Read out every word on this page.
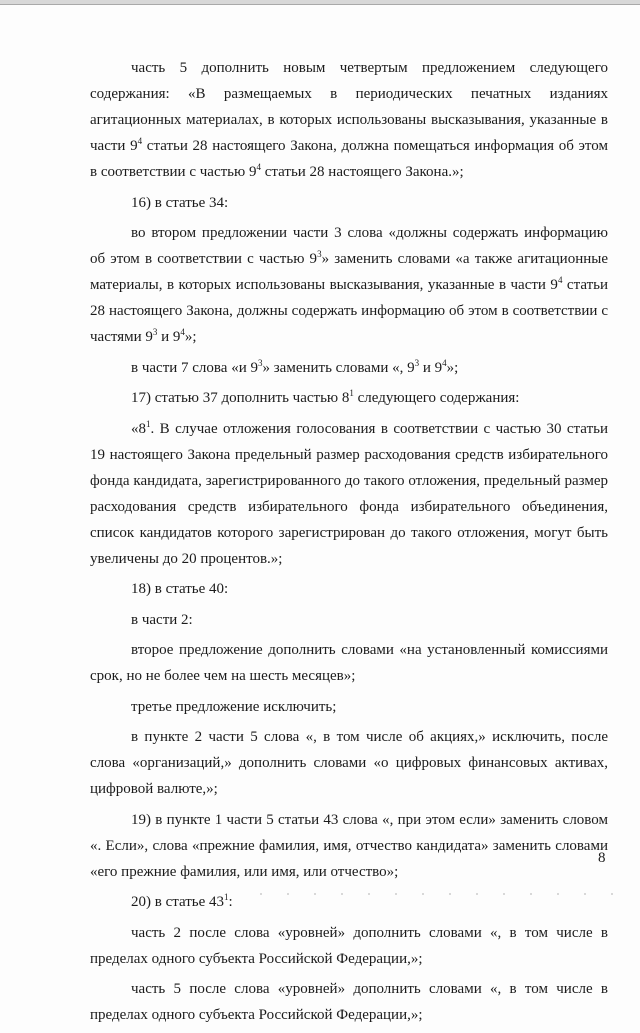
часть 5 дополнить новым четвертым предложением следующего содержания: «В размещаемых в периодических печатных изданиях агитационных материалах, в которых использованы высказывания, указанные в части $9^4$ статьи 28 настоящего Закона, должна помещаться информация об этом в соответствии с частью $9^4$ статьи 28 настоящего Закона.»;

16) в статье 34:

во втором предложении части 3 слова «должны содержать информацию об этом в соответствии с частью $9^3$» заменить словами «а также агитационные материалы, в которых использованы высказывания, указанные в части $9^4$ статьи 28 настоящего Закона, должны содержать информацию об этом в соответствии с частями $9^3$ и $9^4$»;

в части 7 слова «и $9^3$» заменить словами «, $9^3$ и $9^4$»;

17) статью 37 дополнить частью $8^1$ следующего содержания:

«$8^1$. В случае отложения голосования в соответствии с частью 30 статьи 19 настоящего Закона предельный размер расходования средств избирательного фонда кандидата, зарегистрированного до такого отложения, предельный размер расходования средств избирательного фонда избирательного объединения, список кандидатов которого зарегистрирован до такого отложения, могут быть увеличены до 20 процентов.»;

18) в статье 40:

в части 2:

второе предложение дополнить словами «на установленный комиссиями срок, но не более чем на шесть месяцев»;

третье предложение исключить;

в пункте 2 части 5 слова «, в том числе об акциях,» исключить, после слова «организаций,» дополнить словами «о цифровых финансовых активах, цифровой валюте,»;

19) в пункте 1 части 5 статьи 43 слова «, при этом если» заменить словом «. Если», слова «прежние фамилия, имя, отчество кандидата» заменить словами «его прежние фамилия, или имя, или отчество»;

20) в статье $43^1$:

часть 2 после слова «уровней» дополнить словами «, в том числе в пределах одного субъекта Российской Федерации,»;

часть 5 после слова «уровней» дополнить словами «, в том числе в пределах одного субъекта Российской Федерации,»;

8
